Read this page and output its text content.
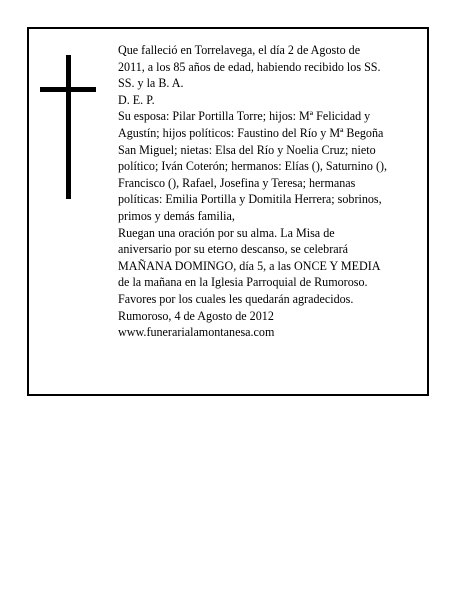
Que falleció en Torrelavega, el día 2 de Agosto de
2011, a los 85 años de edad, habiendo recibido los SS.
SS. y la B. A.
D. E. P.
Su esposa: Pilar Portilla Torre; hijos: Mª Felicidad y
Agustín; hijos políticos: Faustino del Río y Mª Begoña
San Miguel; nietas: Elsa del Río y Noelia Cruz; nieto
político; Iván Coterón; hermanos: Elías (), Saturnino (),
Francisco (), Rafael, Josefina y Teresa; hermanas
políticas: Emilia Portilla y Domitila Herrera; sobrinos,
primos y demás familia,
Ruegan una oración por su alma. La Misa de
aniversario por su eterno descanso, se celebrará
MAÑANA DOMINGO, día 5, a las ONCE Y MEDIA
de la mañana en la Iglesia Parroquial de Rumoroso.
Favores por los cuales les quedarán agradecidos.
Rumoroso, 4 de Agosto de 2012
www.funerarialamontanesa.com
